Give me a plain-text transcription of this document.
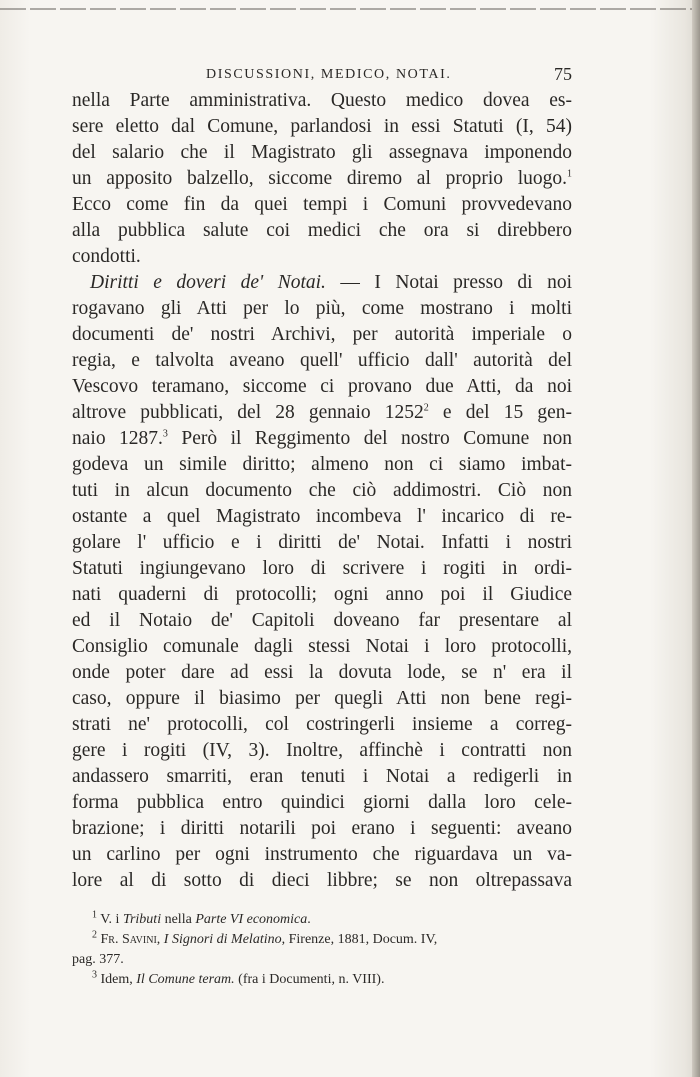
DISCUSSIONI, MEDICO, NOTAI.	75
nella Parte amministrativa. Questo medico dovea es-
sere eletto dal Comune, parlandosi in essi Statuti (I, 54)
del salario che il Magistrato gli assegnava imponendo
un apposito balzello, siccome diremo al proprio luogo.$^1$
Ecco come fin da quei tempi i Comuni provvedevano
alla pubblica salute coi medici che ora si direbbero
condotti.
Diritti e doveri de' Notai. — I Notai presso di noi
rogavano gli Atti per lo più, come mostrano i molti
documenti de' nostri Archivi, per autorità imperiale o
regia, e talvolta aveano quell' ufficio dall' autorità del
Vescovo teramano, siccome ci provano due Atti, da noi
altrove pubblicati, del 28 gennaio 1252$^2$ e del 15 gen-
naio 1287.$^3$ Però il Reggimento del nostro Comune non
godeva un simile diritto; almeno non ci siamo imbat-
tuti in alcun documento che ciò addimostri. Ciò non
ostante a quel Magistrato incombeva l' incarico di re-
golare l' ufficio e i diritti de' Notai. Infatti i nostri
Statuti ingiungevano loro di scrivere i rogiti in ordi-
nati quaderni di protocolli; ogni anno poi il Giudice
ed il Notaio de' Capitoli doveano far presentare al
Consiglio comunale dagli stessi Notai i loro protocolli,
onde poter dare ad essi la dovuta lode, se n' era il
caso, oppure il biasimo per quegli Atti non bene regi-
strati ne' protocolli, col costringerli insieme a correg-
gere i rogiti (IV, 3). Inoltre, affinchè i contratti non
andassero smarriti, eran tenuti i Notai a redigerli in
forma pubblica entro quindici giorni dalla loro cele-
brazione; i diritti notarili poi erano i seguenti: aveano
un carlino per ogni instrumento che riguardava un va-
lore al di sotto di dieci libbre; se non oltrepassava
$^1$ V. i Tributi nella Parte VI economica.
$^2$ Fr. Savini, I Signori di Melatino, Firenze, 1881, Docum. IV,
pag. 377.
$^3$ Idem, Il Comune teram. (fra i Documenti, n. VIII).
